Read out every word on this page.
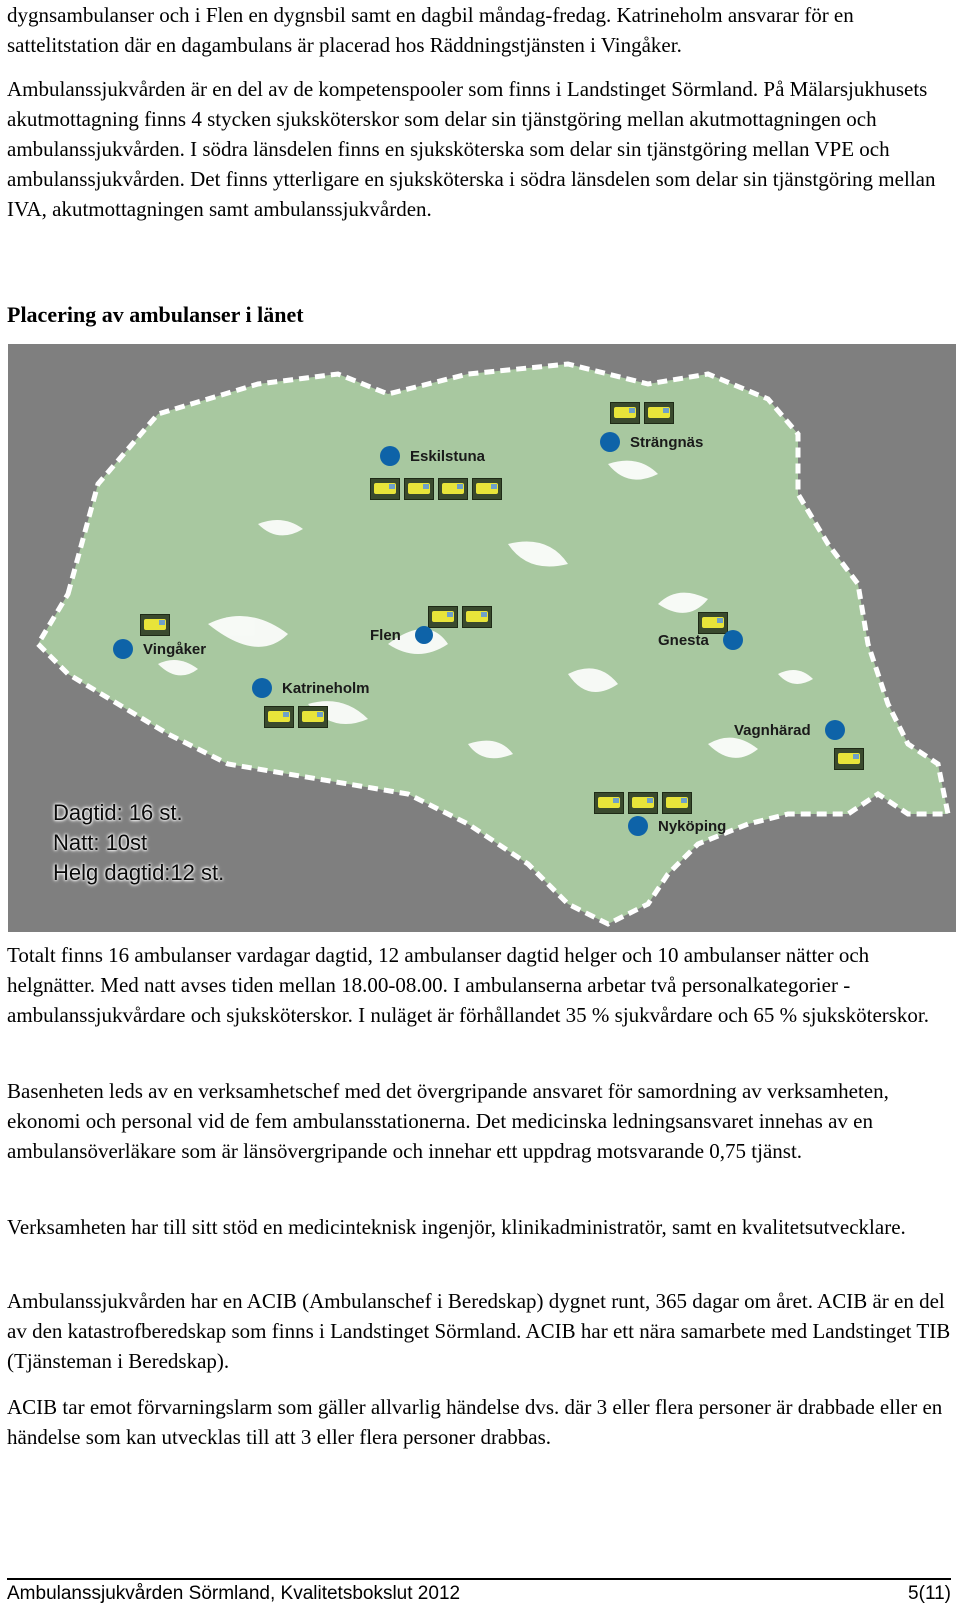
dygnsambulanser och i Flen en dygnsbil samt en dagbil måndag-fredag. Katrineholm ansvarar för en sattelitstation där en dagambulans är placerad hos Räddningstjänsten i Vingåker.

Ambulanssjukvården är en del av de kompetenspooler som finns i Landstinget Sörmland. På Mälarsjukhusets akutmottagning finns 4 stycken sjuksköterskor som delar sin tjänstgöring mellan akutmottagningen och ambulanssjukvården. I södra länsdelen finns en sjuksköterska som delar sin tjänstgöring mellan VPE och ambulanssjukvården. Det finns ytterligare en sjuksköterska i södra länsdelen som delar sin tjänstgöring mellan IVA, akutmottagningen samt ambulanssjukvården.

Placering av ambulanser i länet
Strängnäs
Eskilstuna
Vingåker
Flen	Gnesta
Katrineholm
Vagnhärad
Nyköping
Dagtid: 16 st.
Natt: 10st
Helg dagtid:12 st.

Totalt finns 16 ambulanser vardagar dagtid, 12 ambulanser dagtid helger och 10 ambulanser nätter och helgnätter. Med natt avses tiden mellan 18.00-08.00. I ambulanserna arbetar två personalkategorier - ambulanssjukvårdare och sjuksköterskor. I nuläget är förhållandet 35 % sjukvårdare och 65 % sjuksköterskor.

Basenheten leds av en verksamhetschef med det övergripande ansvaret för samordning av verksamheten, ekonomi och personal vid de fem ambulansstationerna. Det medicinska ledningsansvaret innehas av en ambulansöverläkare som är länsövergripande och innehar ett uppdrag motsvarande 0,75 tjänst.

Verksamheten har till sitt stöd en medicinteknisk ingenjör, klinikadministratör, samt en kvalitetsutvecklare.

Ambulanssjukvården har en ACIB (Ambulanschef i Beredskap) dygnet runt, 365 dagar om året. ACIB är en del av den katastrofberedskap som finns i Landstinget Sörmland. ACIB har ett nära samarbete med Landstinget TIB (Tjänsteman i Beredskap).

ACIB tar emot förvarningslarm som gäller allvarlig händelse dvs. där 3 eller flera personer är drabbade eller en händelse som kan utvecklas till att 3 eller flera personer drabbas.

Ambulanssjukvården Sörmland, Kvalitetsbokslut 2012	5(11)
